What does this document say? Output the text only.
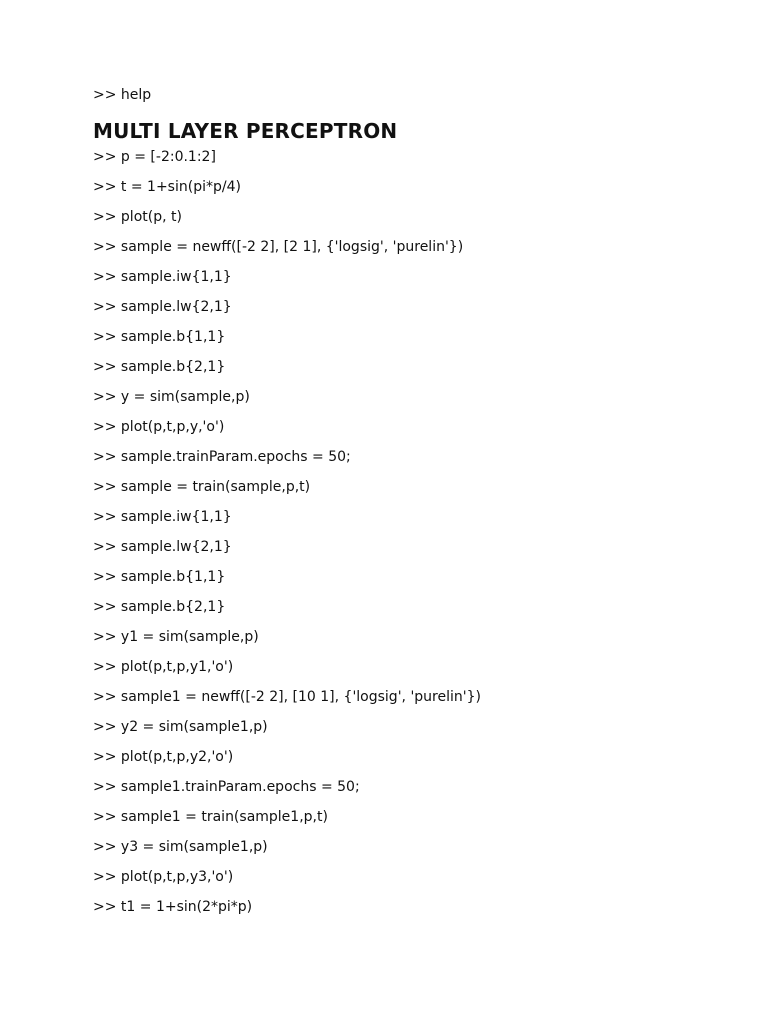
>> help
MULTI LAYER PERCEPTRON
>> p = [-2:0.1:2]
>> t = 1+sin(pi*p/4)
>> plot(p, t)
>> sample = newff([-2 2], [2 1], {'logsig', 'purelin'})
>> sample.iw{1,1}
>> sample.lw{2,1}
>> sample.b{1,1}
>> sample.b{2,1}
>> y = sim(sample,p)
>> plot(p,t,p,y,'o')
>> sample.trainParam.epochs = 50;
>> sample = train(sample,p,t)
>> sample.iw{1,1}
>> sample.lw{2,1}
>> sample.b{1,1}
>> sample.b{2,1}
>> y1 = sim(sample,p)
>> plot(p,t,p,y1,'o')
>> sample1 = newff([-2 2], [10 1], {'logsig', 'purelin'})
>> y2 = sim(sample1,p)
>> plot(p,t,p,y2,'o')
>> sample1.trainParam.epochs = 50;
>> sample1 = train(sample1,p,t)
>> y3 = sim(sample1,p)
>> plot(p,t,p,y3,'o')
>> t1 = 1+sin(2*pi*p)
